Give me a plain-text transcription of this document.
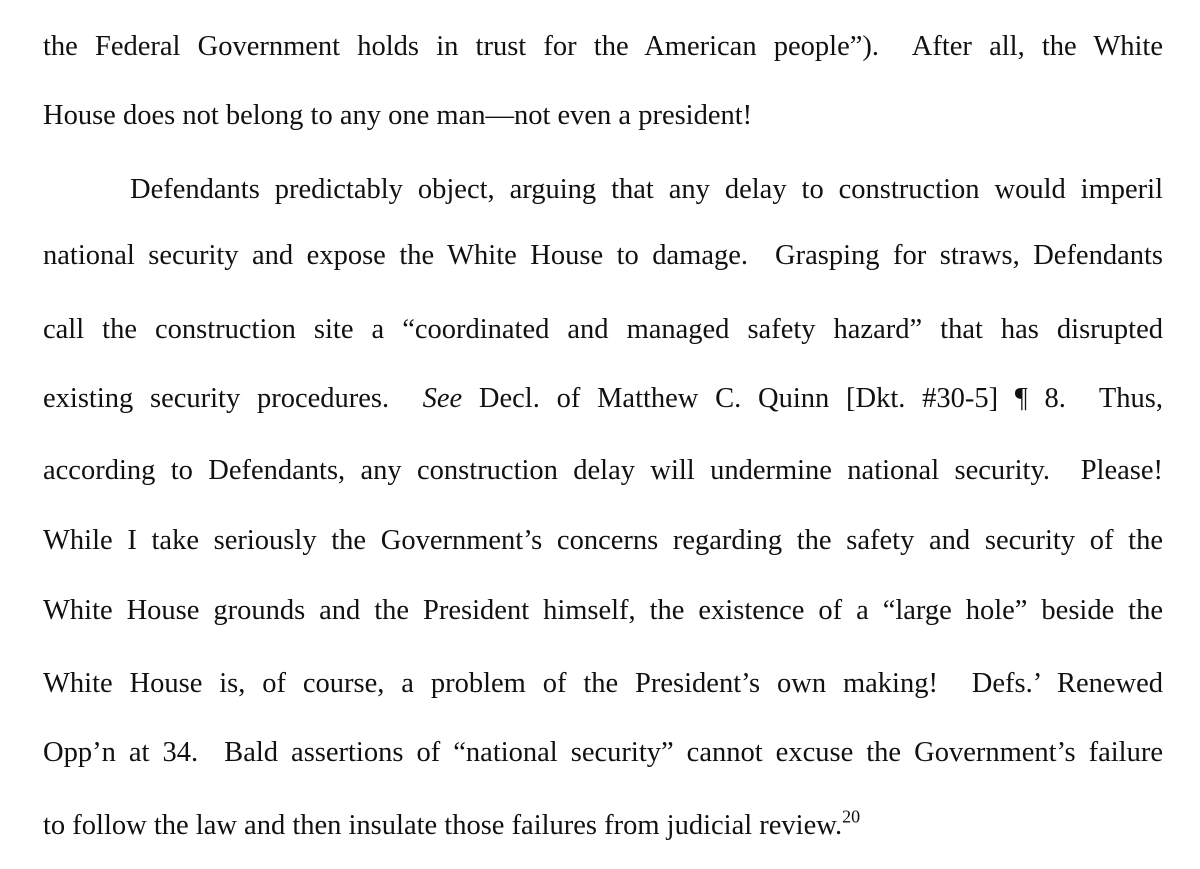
the Federal Government holds in trust for the American people”).  After all, the White
House does not belong to any one man—not even a president!
Defendants predictably object, arguing that any delay to construction would imperil
national security and expose the White House to damage.  Grasping for straws, Defendants
call the construction site a “coordinated and managed safety hazard” that has disrupted
existing security procedures.  See Decl. of Matthew C. Quinn [Dkt. #30-5] ¶ 8.  Thus,
according to Defendants, any construction delay will undermine national security.  Please!
While I take seriously the Government’s concerns regarding the safety and security of the
White House grounds and the President himself, the existence of a “large hole” beside the
White House is, of course, a problem of the President’s own making!  Defs.’ Renewed
Opp’n at 34.  Bald assertions of “national security” cannot excuse the Government’s failure
to follow the law and then insulate those failures from judicial review.$^{20}$
